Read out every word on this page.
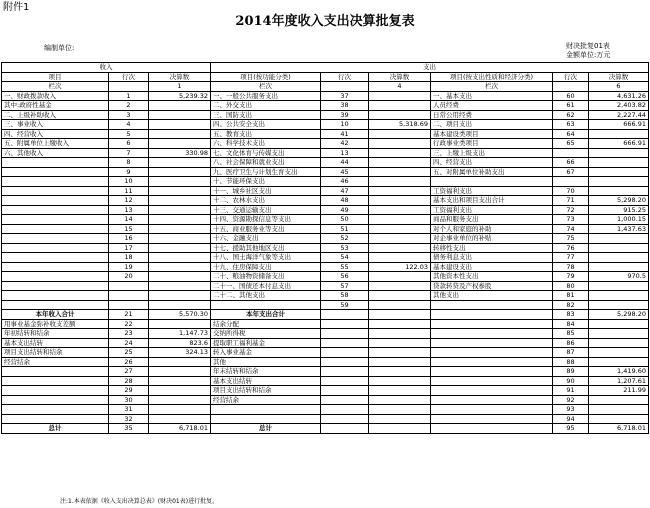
附件1
2014年度收入支出决算批复表
编制单位:	财决批复01表
金额单位:万元
收入			支出					
项目	行次	决算数	项目(按功能分类)	行次	决算数	项目(按支出性质和经济分类)	行次	决算数
栏次		1	栏次		4	栏次		6
一、财政拨款收入	1	5,239.32	一、一般公共服务支出	37		一、基本支出	60	4,631.26
其中:政府性基金	2		二、外交支出	38		人员经费	61	2,403.82
二、上级补助收入	3		三、国防支出	39		日常公用经费	62	2,227.44
三、事业收入	4		四、公共安全支出	10	5,318.69	二、项目支出	63	666.91
四、经营收入	5		五、教育支出	41		基本建设类项目	64	
五、附属单位上缴收入	6		六、科学技术支出	42		行政事业类项目	65	666.91
六、其他收入	7	330.98	七、文化体育与传媒支出	13		三、上缴上级支出		
	8		八、社会保障和就业支出	44		四、经营支出	66	
	9		九、医疗卫生与计划生育支出	45		五、对附属单位补助支出	67	
	10		十、节能环保支出	46				
	11		十一、城乡社区支出	47		工资福利支出	70	
	12		十二、农林水支出	48		基本支出和项目支出合计	71	5,298.20
	13		十三、交通运输支出	49		工资福利支出	72	915.25
	14		十四、资源勘探信息等支出	50		商品和服务支出	73	1,000.15
	15		十五、商业服务业等支出	51		对个人和家庭的补助	74	1,437.63
	16		十六、金融支出	52		对企事业单位的补贴	75	
	17		十七、援助其他地区支出	53		转移性支出	76	
	18		十八、国土海洋气象等支出	54		债务利息支出	77	
	19		十九、住房保障支出	55	122.03	基本建设支出	78	
	20		二十、粮油物资储备支出	56		其他资本性支出	79	970.5
			二十一、国债还本付息支出	57		贷款转贷及产权参股	80	
			二十二、其他支出	58		其他支出	81	
				59			82	
本年收入合计	21	5,570.30	本年支出合计				83	5,298.20
用事业基金弥补收支差额	22		结余分配				84	
年初结转和结余	23	1,147.73	交纳所得税				85	
基本支出结转	24	823.6	提取职工福利基金				86	
项目支出结转和结余	25	324.13	转入事业基金				87	
经营结余	26		其他				88	
	27		年末结转和结余				89	1,419.60
	28		基本支出结转				90	1,207.61
	29		项目支出结转和结余				91	211.99
	30		经营结余				92	
	31						93	
	32						94	
总计	35	6,718.01	总计				95	6,718.01
注:1.本表依据《收入支出决算总表》(财决01表)进行批复。
